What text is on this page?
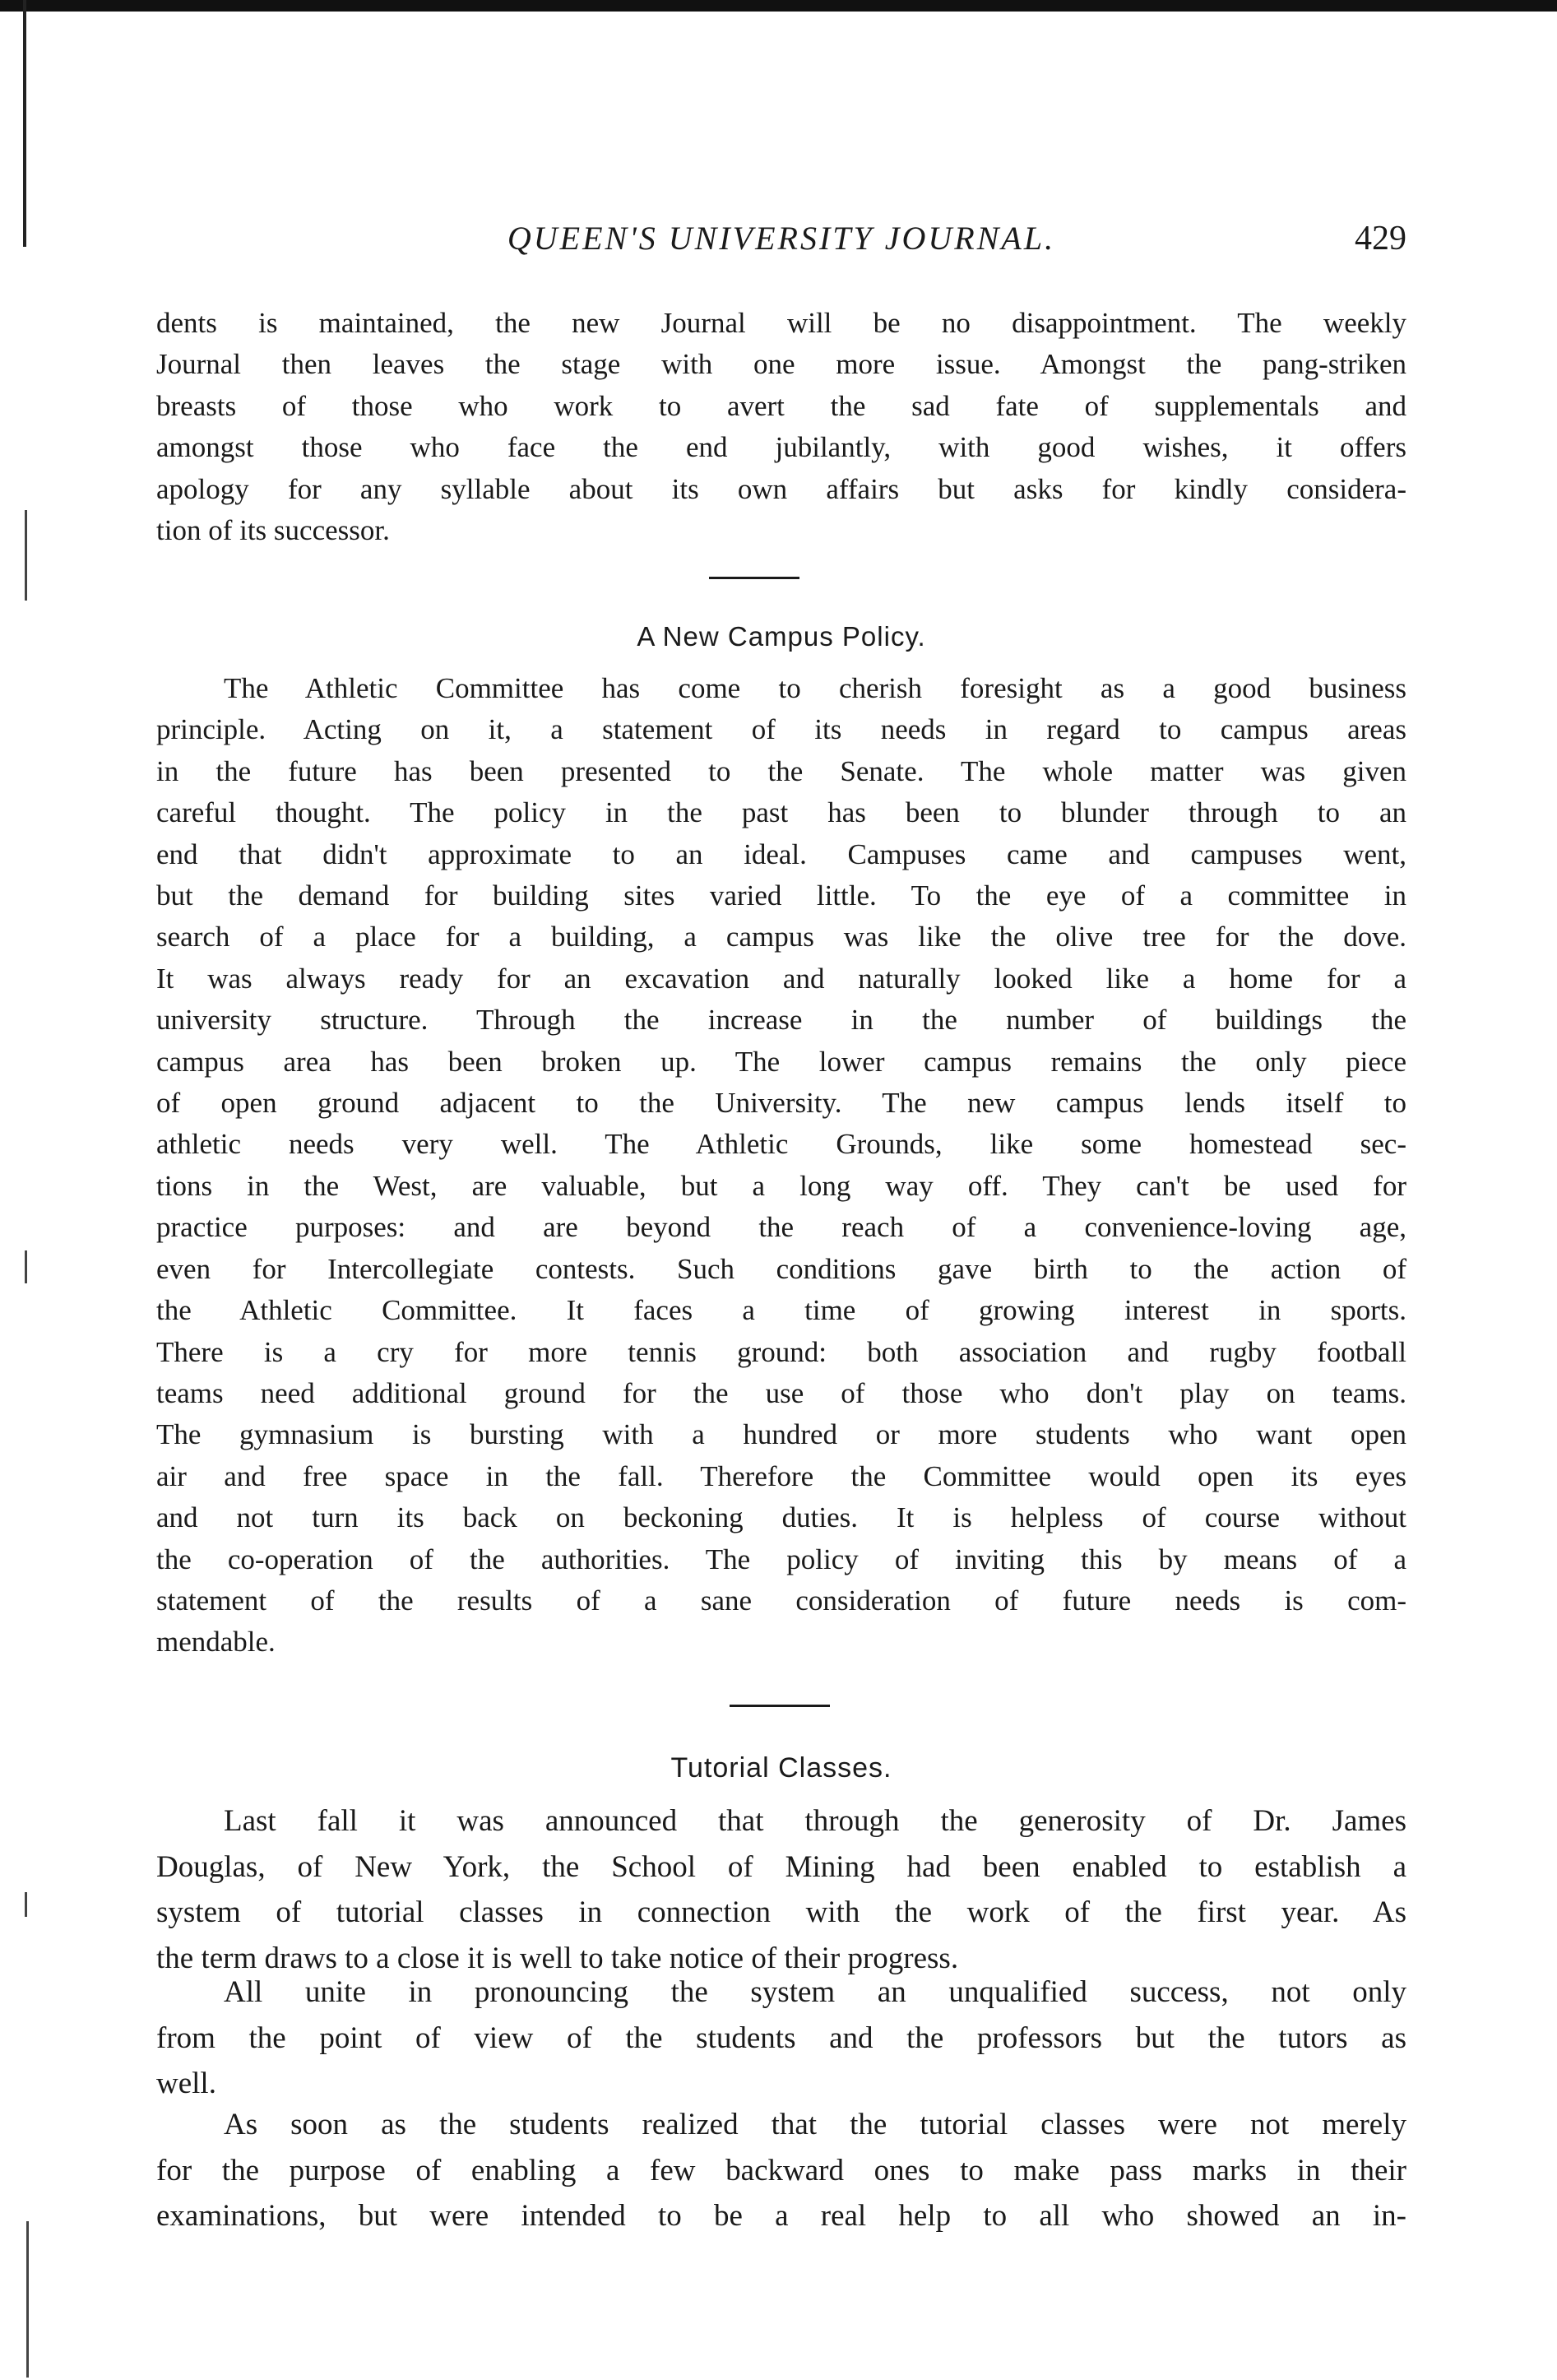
QUEEN'S UNIVERSITY JOURNAL.	429
dents is maintained, the new Journal will be no disappointment. The weekly
Journal then leaves the stage with one more issue. Amongst the pang-striken
breasts of those who work to avert the sad fate of supplementals and
amongst those who face the end jubilantly, with good wishes, it offers
apology for any syllable about its own affairs but asks for kindly considera-
tion of its successor.
A New Campus Policy.
The Athletic Committee has come to cherish foresight as a good business
principle. Acting on it, a statement of its needs in regard to campus areas
in the future has been presented to the Senate. The whole matter was given
careful thought. The policy in the past has been to blunder through to an
end that didn't approximate to an ideal. Campuses came and campuses went,
but the demand for building sites varied little. To the eye of a committee in
search of a place for a building, a campus was like the olive tree for the dove.
It was always ready for an excavation and naturally looked like a home for a
university structure. Through the increase in the number of buildings the
campus area has been broken up. The lower campus remains the only piece
of open ground adjacent to the University. The new campus lends itself to
athletic needs very well. The Athletic Grounds, like some homestead sec-
tions in the West, are valuable, but a long way off. They can't be used for
practice purposes: and are beyond the reach of a convenience-loving age,
even for Intercollegiate contests. Such conditions gave birth to the action of
the Athletic Committee. It faces a time of growing interest in sports.
There is a cry for more tennis ground: both association and rugby football
teams need additional ground for the use of those who don't play on teams.
The gymnasium is bursting with a hundred or more students who want open
air and free space in the fall. Therefore the Committee would open its eyes
and not turn its back on beckoning duties. It is helpless of course without
the co-operation of the authorities. The policy of inviting this by means of a
statement of the results of a sane consideration of future needs is com-
mendable.
Tutorial Classes.
Last fall it was announced that through the generosity of Dr. James
Douglas, of New York, the School of Mining had been enabled to establish a
system of tutorial classes in connection with the work of the first year. As
the term draws to a close it is well to take notice of their progress.
All unite in pronouncing the system an unqualified success, not only
from the point of view of the students and the professors but the tutors as
well.
As soon as the students realized that the tutorial classes were not merely
for the purpose of enabling a few backward ones to make pass marks in their
examinations, but were intended to be a real help to all who showed an in-
